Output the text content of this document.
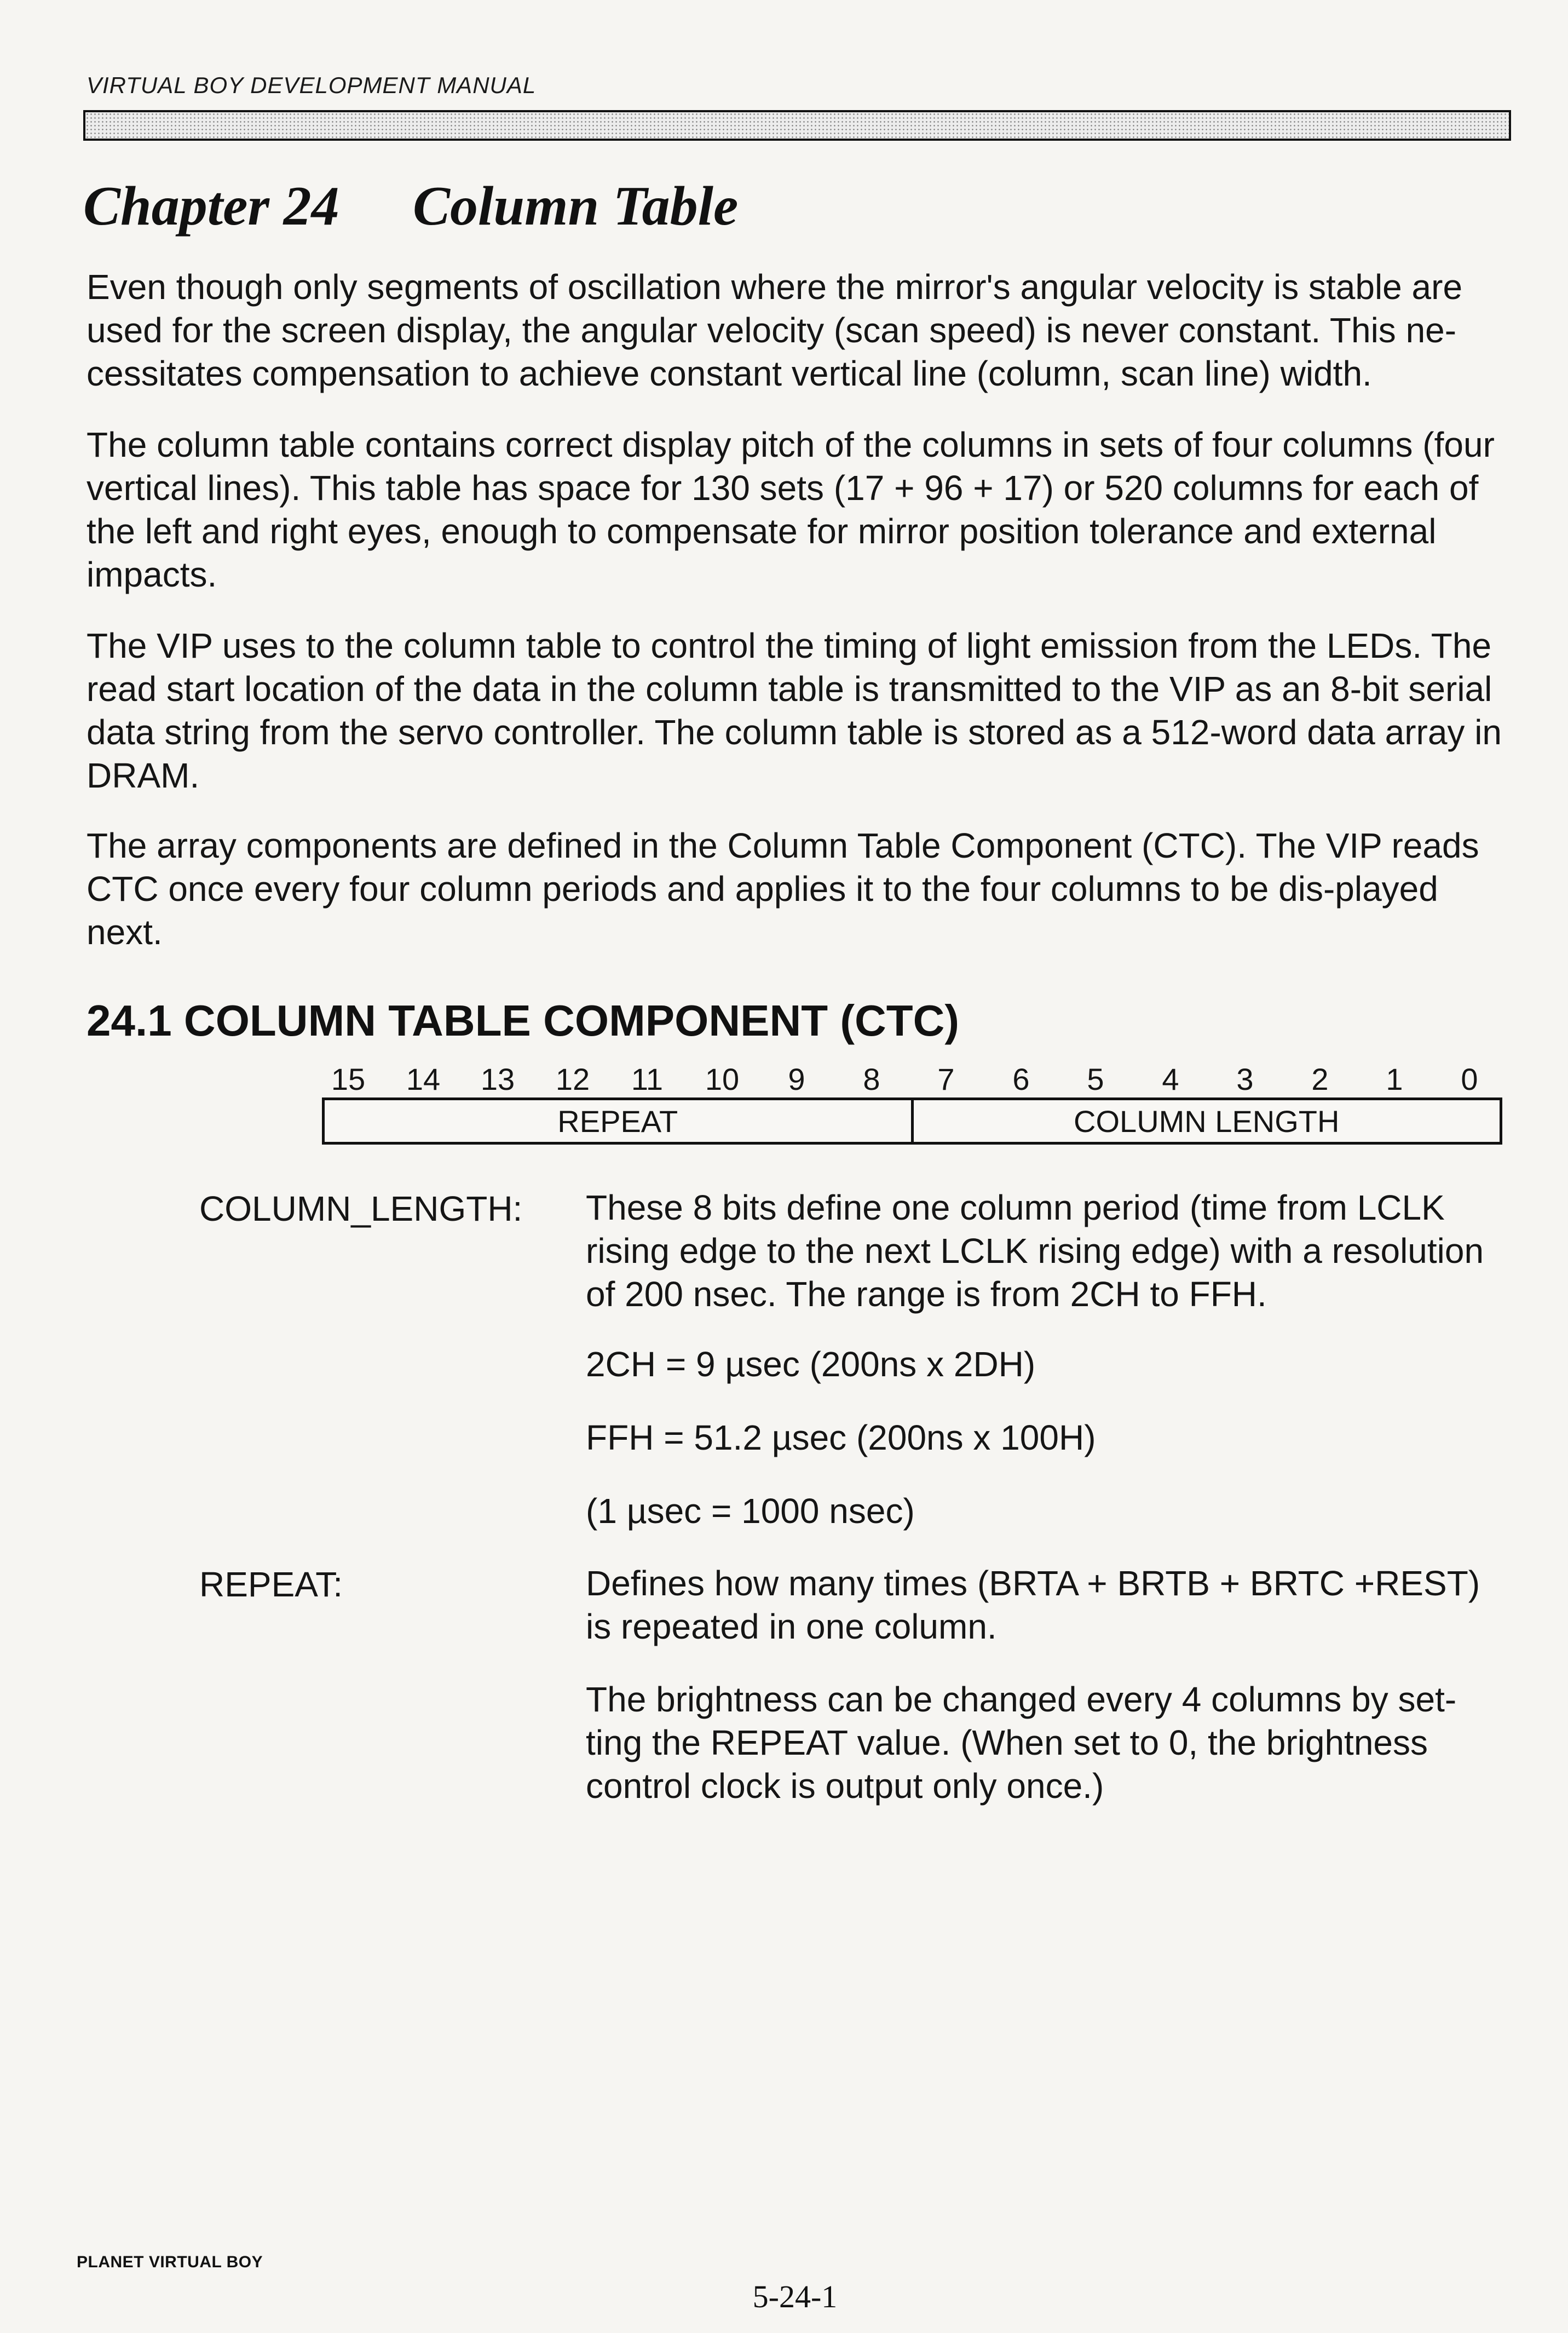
VIRTUAL BOY DEVELOPMENT MANUAL
Chapter 24 Column Table
Even though only segments of oscillation where the mirror's angular velocity is stable are used for the screen display, the angular velocity (scan speed) is never constant. This ne-cessitates compensation to achieve constant vertical line (column, scan line) width.
The column table contains correct display pitch of the columns in sets of four columns (four vertical lines). This table has space for 130 sets (17 + 96 + 17) or 520 columns for each of the left and right eyes, enough to compensate for mirror position tolerance and external impacts.
The VIP uses to the column table to control the timing of light emission from the LEDs. The read start location of the data in the column table is transmitted to the VIP as an 8-bit serial data string from the servo controller. The column table is stored as a 512-word data array in DRAM.
The array components are defined in the Column Table Component (CTC). The VIP reads CTC once every four column periods and applies it to the four columns to be dis-played next.
24.1 COLUMN TABLE COMPONENT (CTC)
15 14 13 12 11 10	9	8	7	6	5	4	3	2	1	0
REPEAT	COLUMN LENGTH
COLUMN_LENGTH: These 8 bits define one column period (time from LCLK rising edge to the next LCLK rising edge) with a resolution of 200 nsec. The range is from 2CH to FFH.
2CH = 9 µsec (200ns x 2DH)
FFH = 51.2 µsec (200ns x 100H)
(1 µsec = 1000 nsec)
REPEAT:	Defines how many times (BRTA + BRTB + BRTC +REST) is repeated in one column.
The brightness can be changed every 4 columns by set-ting the REPEAT value. (When set to 0, the brightness control clock is output only once.)
PLANET VIRTUAL BOY
5-24-1
